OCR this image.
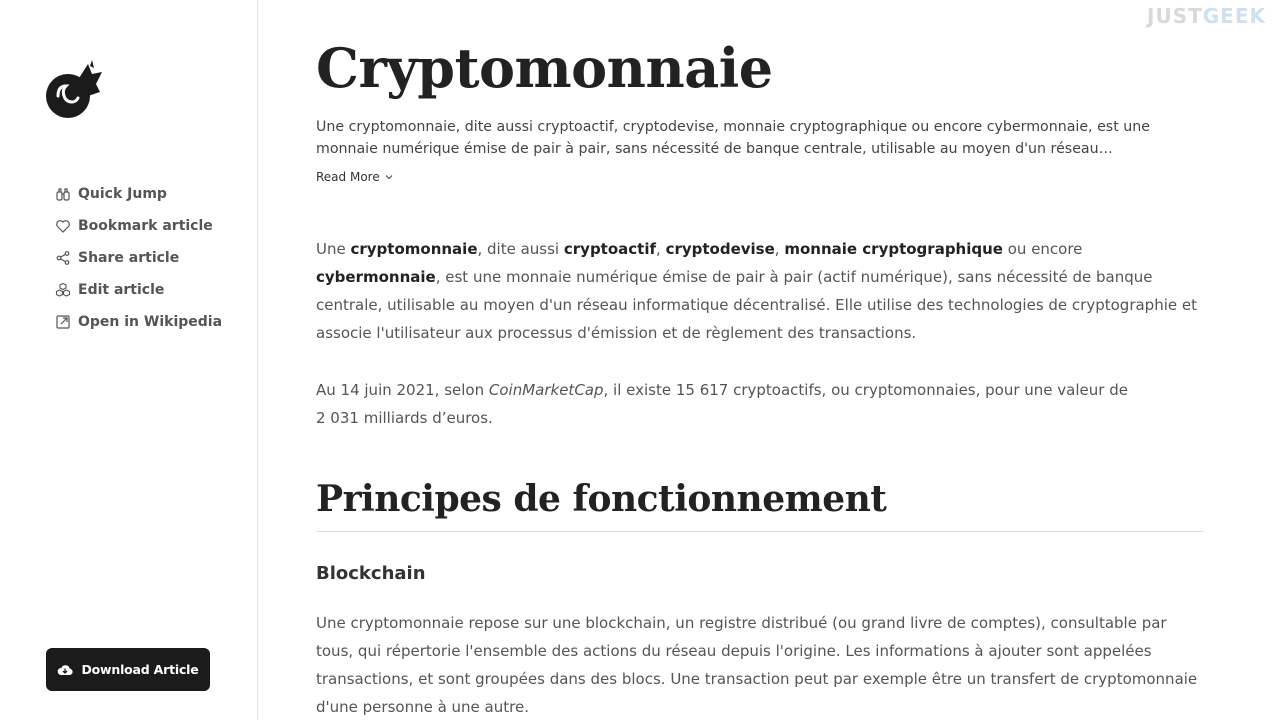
JUSTGEEK
Quick Jump
Bookmark article
Share article
Edit article
Open in Wikipedia
Download Article
Cryptomonnaie

Une cryptomonnaie, dite aussi cryptoactif, cryptodevise, monnaie cryptographique ou encore cybermonnaie, est une monnaie numérique émise de pair à pair, sans nécessité de banque centrale, utilisable au moyen d'un réseau…

Read More

Une cryptomonnaie, dite aussi cryptoactif, cryptodevise, monnaie cryptographique ou encore cybermonnaie, est une monnaie numérique émise de pair à pair (actif numérique), sans nécessité de banque centrale, utilisable au moyen d'un réseau informatique décentralisé. Elle utilise des technologies de cryptographie et associe l'utilisateur aux processus d'émission et de règlement des transactions.

Au 14 juin 2021, selon CoinMarketCap, il existe 15 617 cryptoactifs, ou cryptomonnaies, pour une valeur de
2 031 milliards d’euros.

Principes de fonctionnement
Blockchain

Une cryptomonnaie repose sur une blockchain, un registre distribué (ou grand livre de comptes), consultable par tous, qui répertorie l'ensemble des actions du réseau depuis l'origine. Les informations à ajouter sont appelées transactions, et sont groupées dans des blocs. Une transaction peut par exemple être un transfert de cryptomonnaie d'une personne à une autre.
